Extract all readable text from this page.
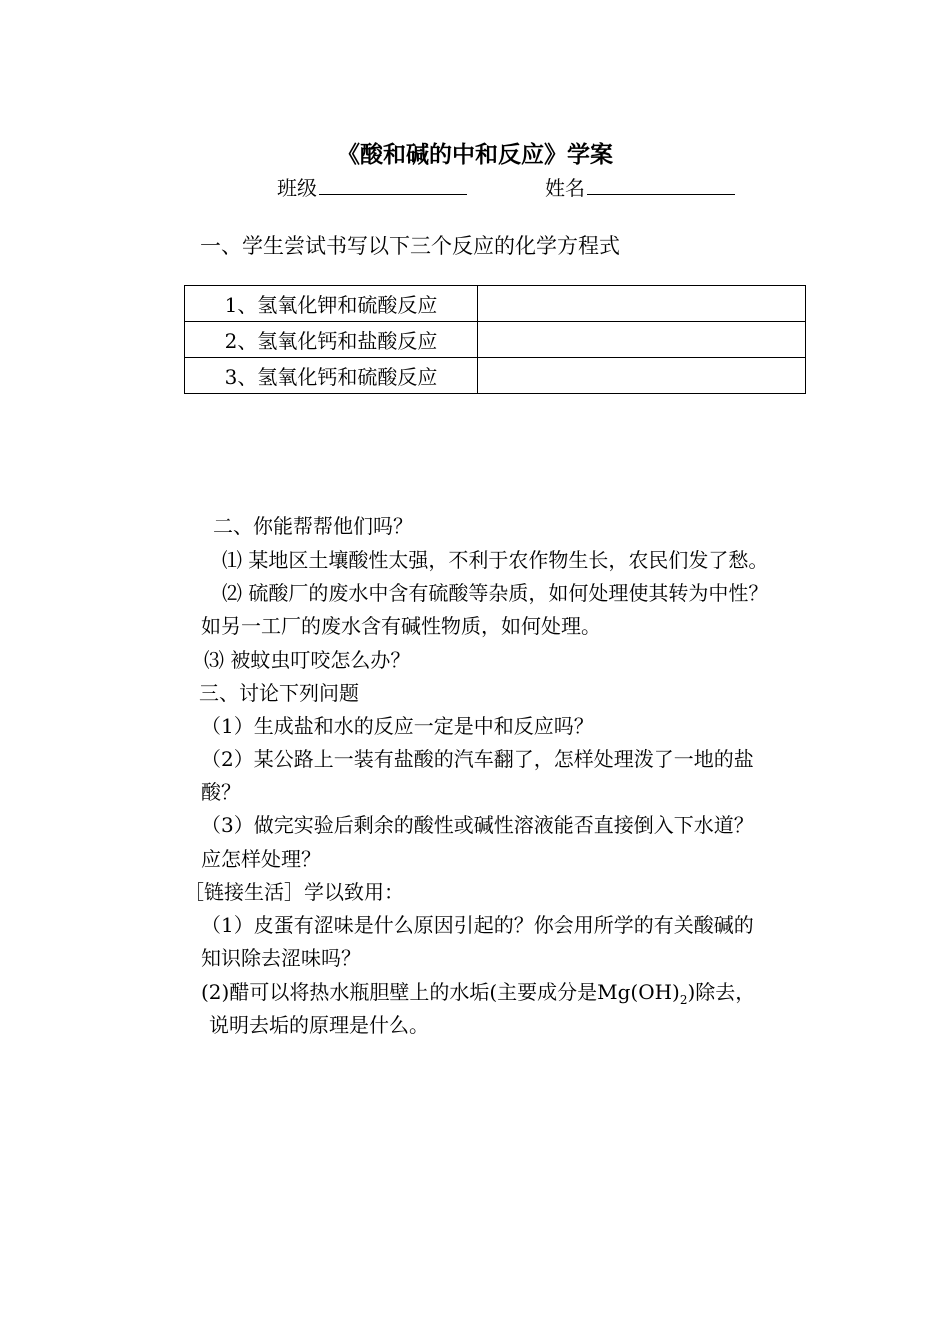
《酸和碱的中和反应》学案
班级	姓名
一、学生尝试书写以下三个反应的化学方程式
1、氢氧化钾和硫酸反应	
2、氢氧化钙和盐酸反应	
3、氢氧化钙和硫酸反应	
二、你能帮帮他们吗？
⑴ 某地区土壤酸性太强，不利于农作物生长，农民们发了愁。
⑵ 硫酸厂的废水中含有硫酸等杂质，如何处理使其转为中性？
如另一工厂的废水含有碱性物质，如何处理。
⑶ 被蚊虫叮咬怎么办？
三、讨论下列问题
（1）生成盐和水的反应一定是中和反应吗？
（2）某公路上一装有盐酸的汽车翻了，怎样处理泼了一地的盐
酸？
（3）做完实验后剩余的酸性或碱性溶液能否直接倒入下水道？
应怎样处理？
［链接生活］学以致用：
（1）皮蛋有涩味是什么原因引起的？你会用所学的有关酸碱的
知识除去涩味吗？
(2)醋可以将热水瓶胆壁上的水垢(主要成分是$Mg(OH)_2$)除去，
说明去垢的原理是什么。
